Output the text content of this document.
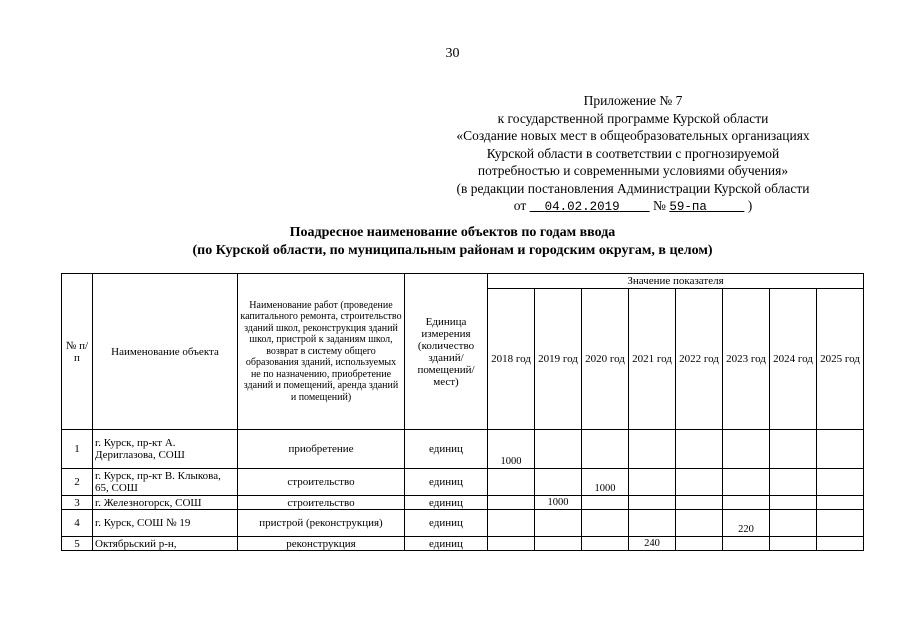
30
Приложение № 7
к государственной программе Курской области
«Создание новых мест в общеобразовательных организациях
Курской области в соответствии с прогнозируемой
потребностью и современными условиями обучения»
(в редакции постановления Администрации Курской области
от 04.02.2019 № 59-па	)
Поадресное наименование объектов по годам ввода
(по Курской области, по муниципальным районам и городским округам, в целом)
№ п/п	Наименование объекта	Наименование работ (проведение капитального ремонта, строительство зданий школ, реконструкция зданий школ, пристрой к заданиям школ, возврат в систему общего образования зданий, используемых не по назначению, приобретение зданий и помещений, аренда зданий и помещений)	Единица измерения (количество зданий/ помещений/ мест)	Значение показателя							
				2018 год	2019 год	2020 год	2021 год	2022 год	2023 год	2024 год	2025 год
1	г. Курск, пр-кт А. Дериглазова, СОШ	приобретение	единиц	1000							
2	г. Курск, пр-кт В. Клыкова, 65, СОШ	строительство	единиц			1000					
3	г. Железногорск, СОШ	строительство	единиц		1000						
4	г. Курск, СОШ № 19	пристрой (реконструкция)	единиц						220		
5	Октябрьский р-н,	реконструкция	единиц				240				
